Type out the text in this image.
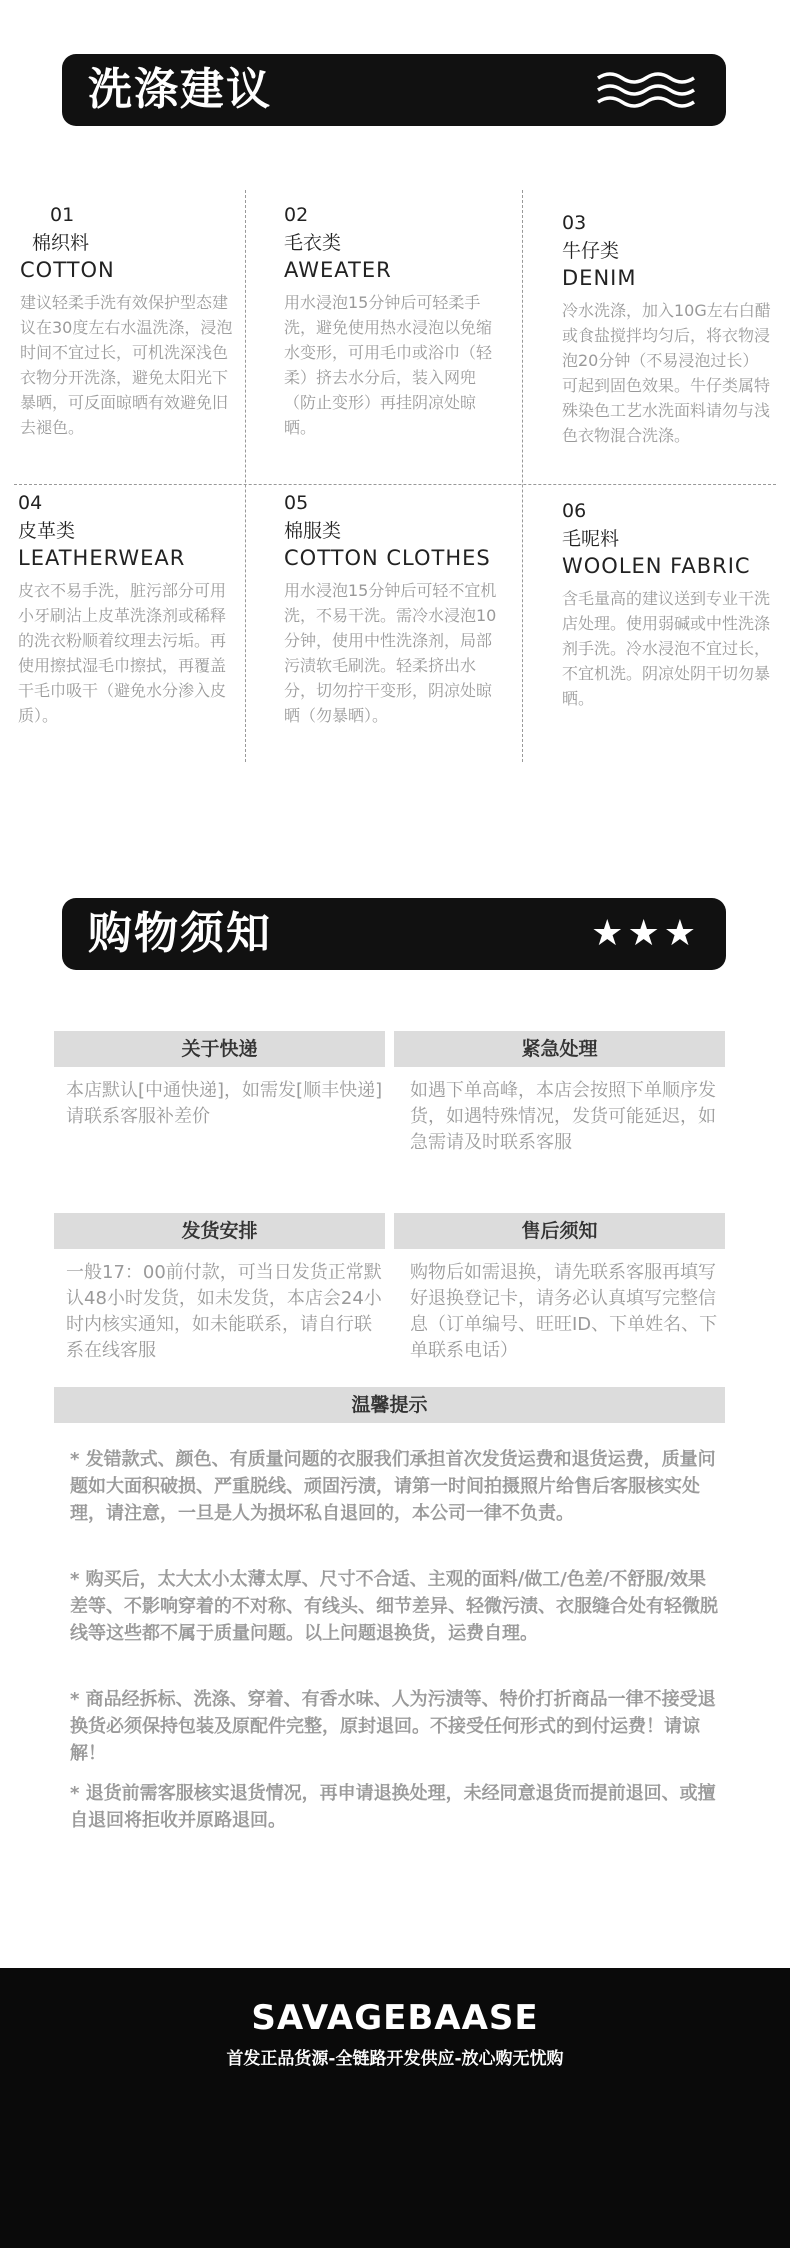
洗涤建议
01
棉织料
COTTON
建议轻柔手洗有效保护型态建议在30度左右水温洗涤，浸泡时间不宜过长，可机洗深浅色衣物分开洗涤，避免太阳光下暴晒，可反面晾晒有效避免旧去褪色。
02
毛衣类
AWEATER
用水浸泡15分钟后可轻柔手洗，避免使用热水浸泡以免缩水变形，可用毛巾或浴巾（轻柔）挤去水分后，装入网兜（防止变形）再挂阴凉处晾晒。
03
牛仔类
DENIM
冷水洗涤，加入10G左右白醋或食盐搅拌均匀后，将衣物浸泡20分钟（不易浸泡过长）可起到固色效果。牛仔类属特殊染色工艺水洗面料请勿与浅色衣物混合洗涤。
04
皮革类
LEATHERWEAR
皮衣不易手洗，脏污部分可用小牙刷沾上皮革洗涤剂或稀释的洗衣粉顺着纹理去污垢。再使用擦拭湿毛巾擦拭，再覆盖干毛巾吸干（避免水分渗入皮质）。
05
棉服类
COTTON CLOTHES
用水浸泡15分钟后可轻不宜机洗，不易干洗。需冷水浸泡10分钟，使用中性洗涤剂，局部污渍软毛刷洗。轻柔挤出水分，切勿拧干变形，阴凉处晾晒（勿暴晒）。
06
毛呢料
WOOLEN FABRIC
含毛量高的建议送到专业干洗店处理。使用弱碱或中性洗涤剂手洗。冷水浸泡不宜过长，不宜机洗。阴凉处阴干切勿暴晒。
购物须知	★★★
关于快递	紧急处理
本店默认[中通快递]，如需发[顺丰快递] 请联系客服补差价
如遇下单高峰，本店会按照下单顺序发货，如遇特殊情况，发货可能延迟，如急需请及时联系客服
发货安排	售后须知
一般17：00前付款，可当日发货正常默认48小时发货，如未发货，本店会24小时内核实通知，如未能联系，请自行联系在线客服
购物后如需退换，请先联系客服再填写好退换登记卡，请务必认真填写完整信息（订单编号、旺旺ID、下单姓名、下单联系电话）
温馨提示
* 发错款式、颜色、有质量问题的衣服我们承担首次发货运费和退货运费，质量问题如大面积破损、严重脱线、顽固污渍，请第一时间拍摄照片给售后客服核实处理，请注意，一旦是人为损坏私自退回的，本公司一律不负责。
* 购买后，太大太小太薄太厚、尺寸不合适、主观的面料/做工/色差/不舒服/效果差等、不影响穿着的不对称、有线头、细节差异、轻微污渍、衣服缝合处有轻微脱线等这些都不属于质量问题。以上问题退换货，运费自理。
* 商品经拆标、洗涤、穿着、有香水味、人为污渍等、特价打折商品一律不接受退换货必须保持包装及原配件完整，原封退回。不接受任何形式的到付运费！请谅解！
* 退货前需客服核实退货情况，再申请退换处理，未经同意退货而提前退回、或擅自退回将拒收并原路退回。
SAVAGEBAASE
首发正品货源-全链路开发供应-放心购无忧购
